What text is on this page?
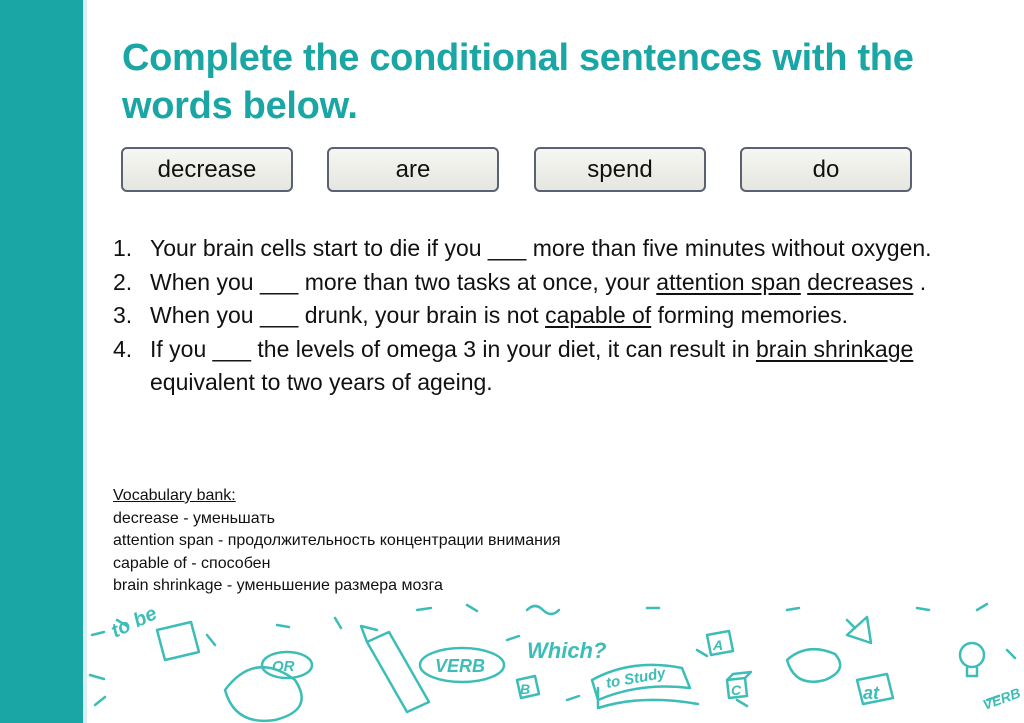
Complete the conditional sentences with the words below.
decrease	are	spend	do
1. Your brain cells start to die if you ___ more than five minutes without oxygen.
2. When you ___ more than two tasks at once, your attention span decreases .
3. When you ___ drunk, your brain is not capable of forming memories.
4. If you ___ the levels of omega 3 in your diet, it can result in brain shrinkage equivalent to two years of ageing.
Vocabulary bank:
decrease - уменьшать
attention span - продолжительность концентрации внимания
capable of - способен
brain shrinkage - уменьшение размера мозга
to be
OR	VERB
Which?
to Study
A
B	C	at	VERB
